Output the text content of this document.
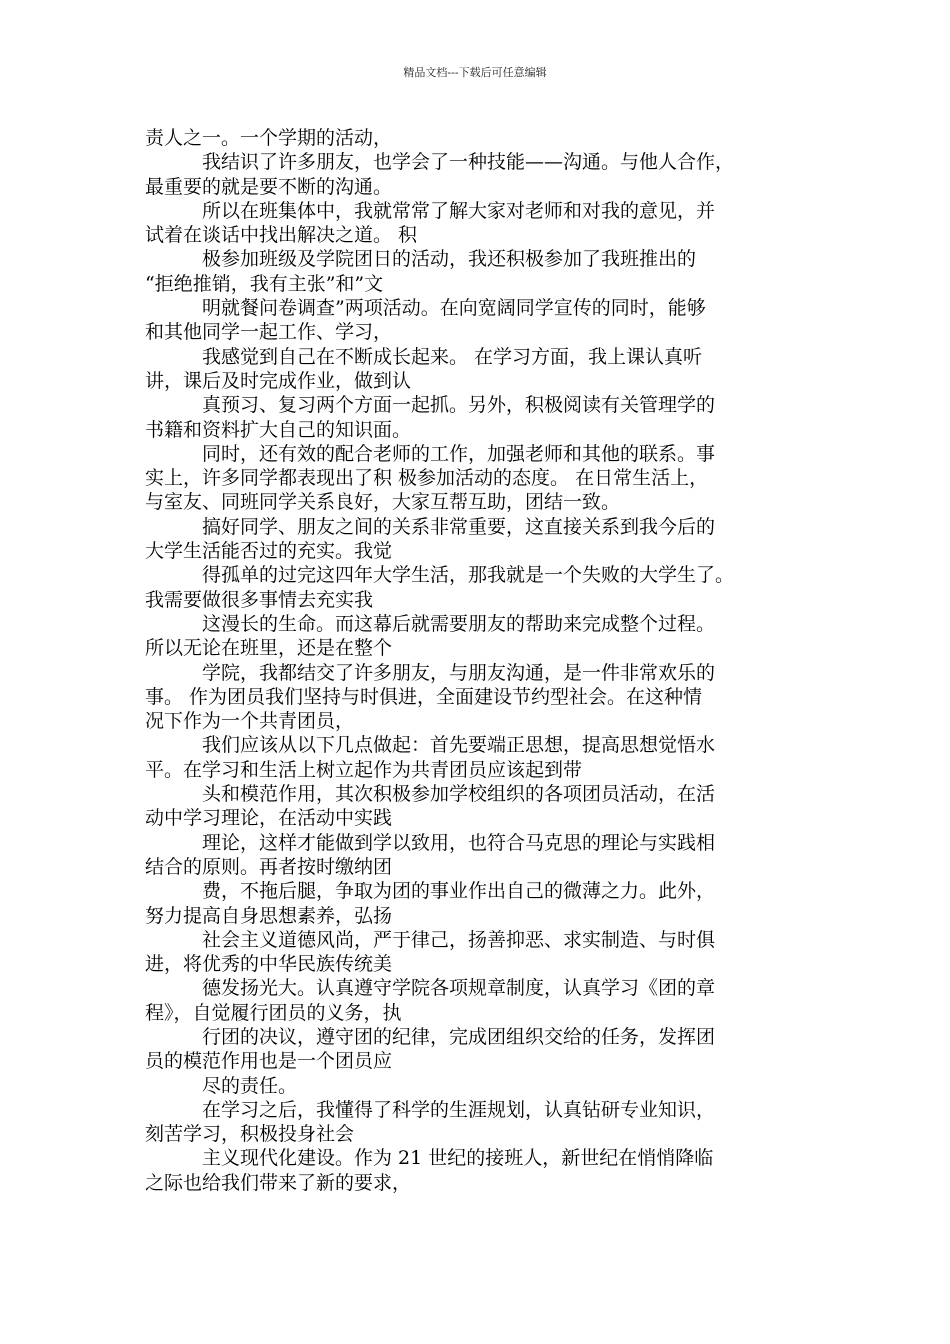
精品文档---下载后可任意编辑
责人之一。一个学期的活动，
我结识了许多朋友，也学会了一种技能——沟通。与他人合作，
最重要的就是要不断的沟通。
所以在班集体中，我就常常了解大家对老师和对我的意见，并
试着在谈话中找出解决之道。 积
极参加班级及学院团日的活动，我还积极参加了我班推出的
“拒绝推销，我有主张”和”文
明就餐问卷调查”两项活动。在向宽阔同学宣传的同时，能够
和其他同学一起工作、学习，
我感觉到自己在不断成长起来。 在学习方面，我上课认真听
讲，课后及时完成作业，做到认
真预习、复习两个方面一起抓。另外，积极阅读有关管理学的
书籍和资料扩大自己的知识面。
同时，还有效的配合老师的工作，加强老师和其他的联系。事
实上，许多同学都表现出了积 极参加活动的态度。 在日常生活上，
与室友、同班同学关系良好，大家互帮互助，团结一致。
搞好同学、朋友之间的关系非常重要，这直接关系到我今后的
大学生活能否过的充实。我觉
得孤单的过完这四年大学生活，那我就是一个失败的大学生了。
我需要做很多事情去充实我
这漫长的生命。而这幕后就需要朋友的帮助来完成整个过程。
所以无论在班里，还是在整个
学院，我都结交了许多朋友，与朋友沟通，是一件非常欢乐的
事。 作为团员我们坚持与时俱进，全面建设节约型社会。在这种情
况下作为一个共青团员，
我们应该从以下几点做起：首先要端正思想，提高思想觉悟水
平。在学习和生活上树立起作为共青团员应该起到带
头和模范作用，其次积极参加学校组织的各项团员活动，在活
动中学习理论，在活动中实践
理论，这样才能做到学以致用，也符合马克思的理论与实践相
结合的原则。再者按时缴纳团
费，不拖后腿，争取为团的事业作出自己的微薄之力。此外，
努力提高自身思想素养，弘扬
社会主义道德风尚，严于律己，扬善抑恶、求实制造、与时俱
进，将优秀的中华民族传统美
德发扬光大。认真遵守学院各项规章制度，认真学习《团的章
程》，自觉履行团员的义务，执
行团的决议，遵守团的纪律，完成团组织交给的任务，发挥团
员的模范作用也是一个团员应
尽的责任。
在学习之后，我懂得了科学的生涯规划，认真钻研专业知识，
刻苦学习，积极投身社会
主义现代化建设。作为 21 世纪的接班人，新世纪在悄悄降临
之际也给我们带来了新的要求，
